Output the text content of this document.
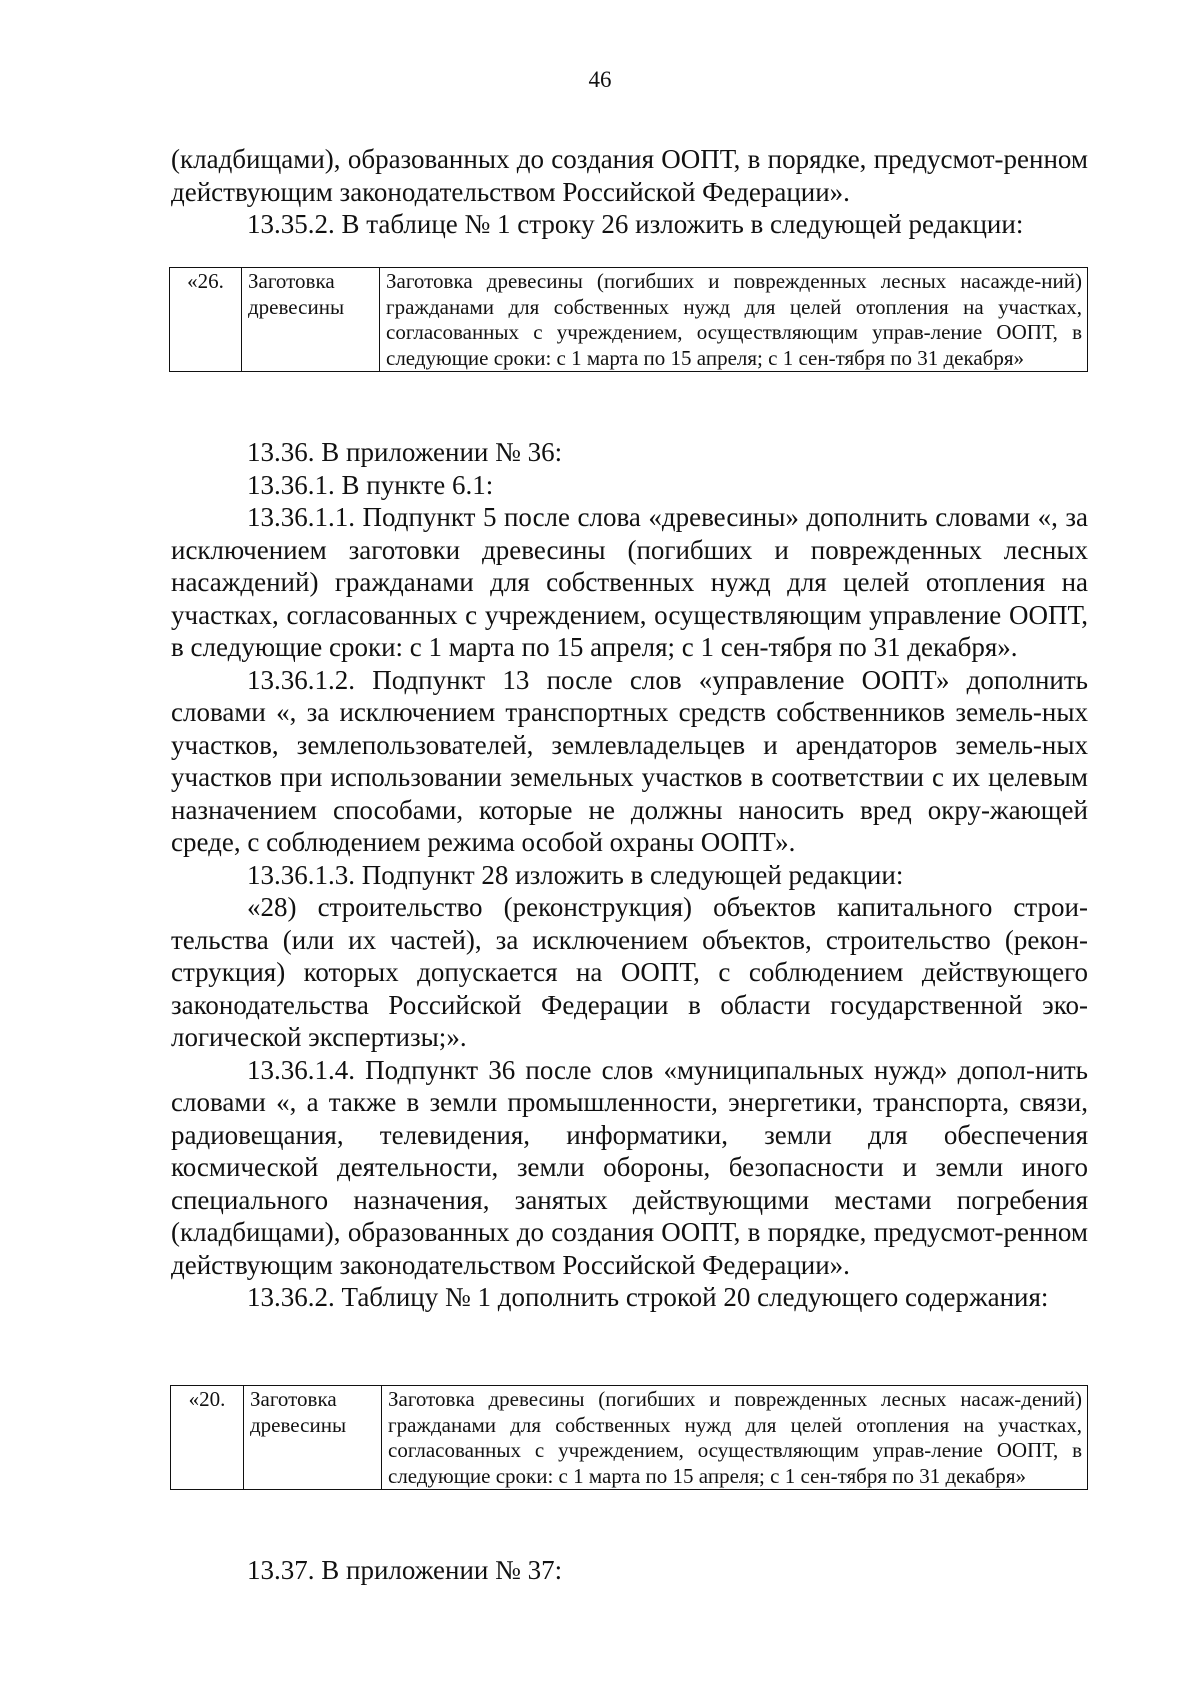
46

(кладбищами), образованных до создания ООПТ, в порядке, предусмот-ренном действующим законодательством Российской Федерации».

13.35.2. В таблице № 1 строку 26 изложить в следующей редакции:

«26.	Заготовка древесины	Заготовка древесины (погибших и поврежденных лесных насажде-ний) гражданами для собственных нужд для целей отопления на участках, согласованных с учреждением, осуществляющим управ-ление ООПТ, в следующие сроки: с 1 марта по 15 апреля; с 1 сен-тября по 31 декабря»

13.36. В приложении № 36:

13.36.1. В пункте 6.1:

13.36.1.1. Подпункт 5 после слова «древесины» дополнить словами «, за исключением заготовки древесины (погибших и поврежденных лесных насаждений) гражданами для собственных нужд для целей отопления на участках, согласованных с учреждением, осуществляющим управление ООПТ, в следующие сроки: с 1 марта по 15 апреля; с 1 сен-тября по 31 декабря».

13.36.1.2. Подпункт 13 после слов «управление ООПТ» дополнить словами «, за исключением транспортных средств собственников земель-ных участков, землепользователей, землевладельцев и арендаторов земель-ных участков при использовании земельных участков в соответствии с их целевым назначением способами, которые не должны наносить вред окру-жающей среде, с соблюдением режима особой охраны ООПТ».

13.36.1.3. Подпункт 28 изложить в следующей редакции:

«28) строительство (реконструкция) объектов капитального строи-тельства (или их частей), за исключением объектов, строительство (рекон-струкция) которых допускается на ООПТ, с соблюдением действующего законодательства Российской Федерации в области государственной эко-логической экспертизы;».

13.36.1.4. Подпункт 36 после слов «муниципальных нужд» допол-нить словами «, а также в земли промышленности, энергетики, транспорта, связи, радиовещания, телевидения, информатики, земли для обеспечения космической деятельности, земли обороны, безопасности и земли иного специального назначения, занятых действующими местами погребения (кладбищами), образованных до создания ООПТ, в порядке, предусмот-ренном действующим законодательством Российской Федерации».

13.36.2. Таблицу № 1 дополнить строкой 20 следующего содержания:

«20.	Заготовка древесины	Заготовка древесины (погибших и поврежденных лесных насаж-дений) гражданами для собственных нужд для целей отопления на участках, согласованных с учреждением, осуществляющим управ-ление ООПТ, в следующие сроки: с 1 марта по 15 апреля; с 1 сен-тября по 31 декабря»

13.37. В приложении № 37:
